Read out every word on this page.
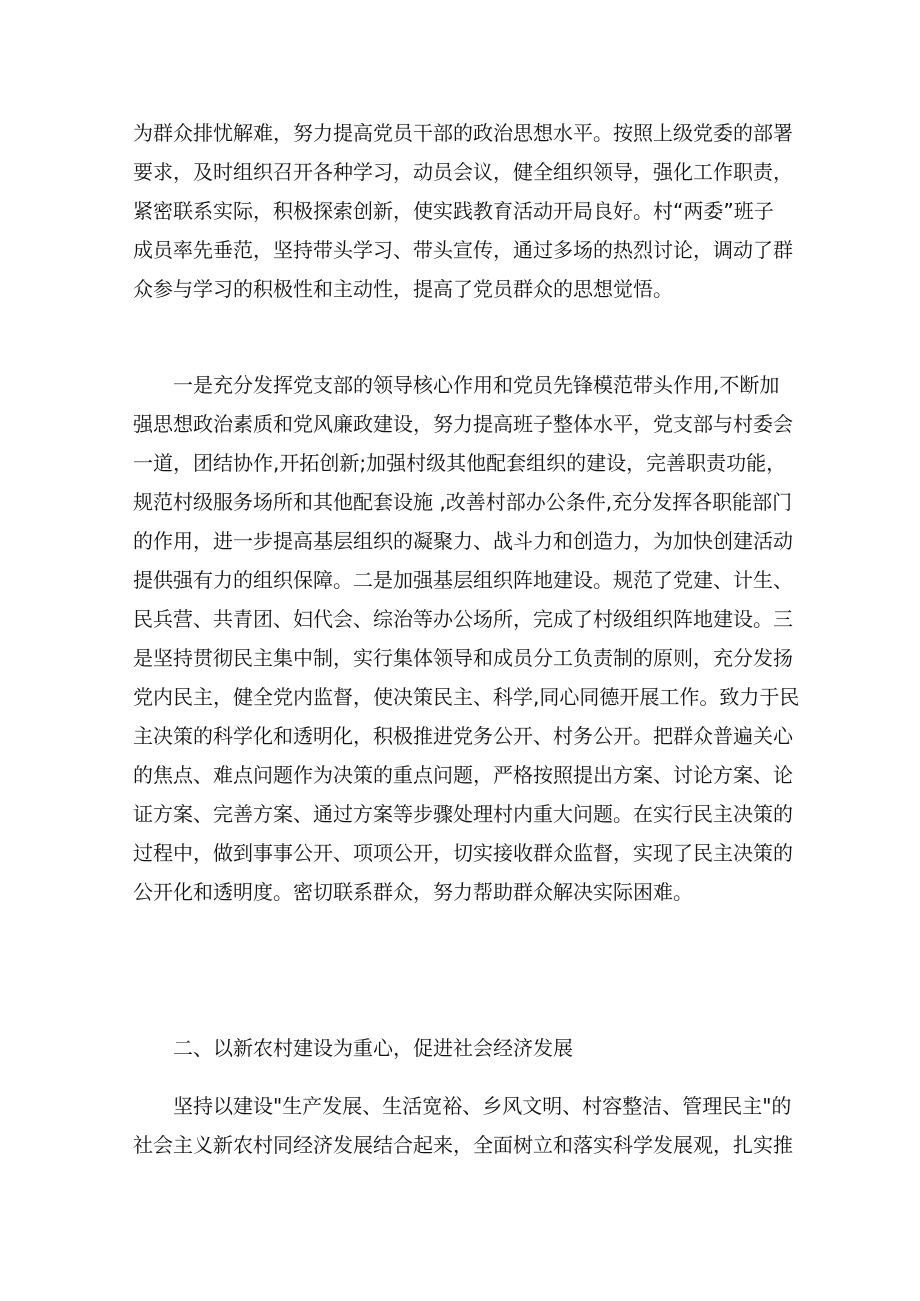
为群众排忧解难，努力提高党员干部的政治思想水平。按照上级党委的部署
要求，及时组织召开各种学习，动员会议，健全组织领导，强化工作职责，
紧密联系实际，积极探索创新，使实践教育活动开局良好。村“两委”班子
成员率先垂范，坚持带头学习、带头宣传，通过多场的热烈讨论，调动了群
众参与学习的积极性和主动性，提高了党员群众的思想觉悟。
一是充分发挥党支部的领导核心作用和党员先锋模范带头作用,不断加
强思想政治素质和党风廉政建设，努力提高班子整体水平，党支部与村委会
一道，团结协作,开拓创新;加强村级其他配套组织的建设，完善职责功能，
规范村级服务场所和其他配套设施 ,改善村部办公条件,充分发挥各职能部门
的作用，进一步提高基层组织的凝聚力、战斗力和创造力，为加快创建活动
提供强有力的组织保障。二是加强基层组织阵地建设。规范了党建、计生、
民兵营、共青团、妇代会、综治等办公场所，完成了村级组织阵地建设。三
是坚持贯彻民主集中制，实行集体领导和成员分工负责制的原则，充分发扬
党内民主，健全党内监督，使决策民主、科学,同心同德开展工作。致力于民
主决策的科学化和透明化，积极推进党务公开、村务公开。把群众普遍关心
的焦点、难点问题作为决策的重点问题，严格按照提出方案、讨论方案、论
证方案、完善方案、通过方案等步骤处理村内重大问题。在实行民主决策的
过程中，做到事事公开、项项公开，切实接收群众监督，实现了民主决策的
公开化和透明度。密切联系群众，努力帮助群众解决实际困难。
二、以新农村建设为重心，促进社会经济发展
坚持以建设"生产发展、生活宽裕、乡风文明、村容整洁、管理民主"的
社会主义新农村同经济发展结合起来，全面树立和落实科学发展观，扎实推
